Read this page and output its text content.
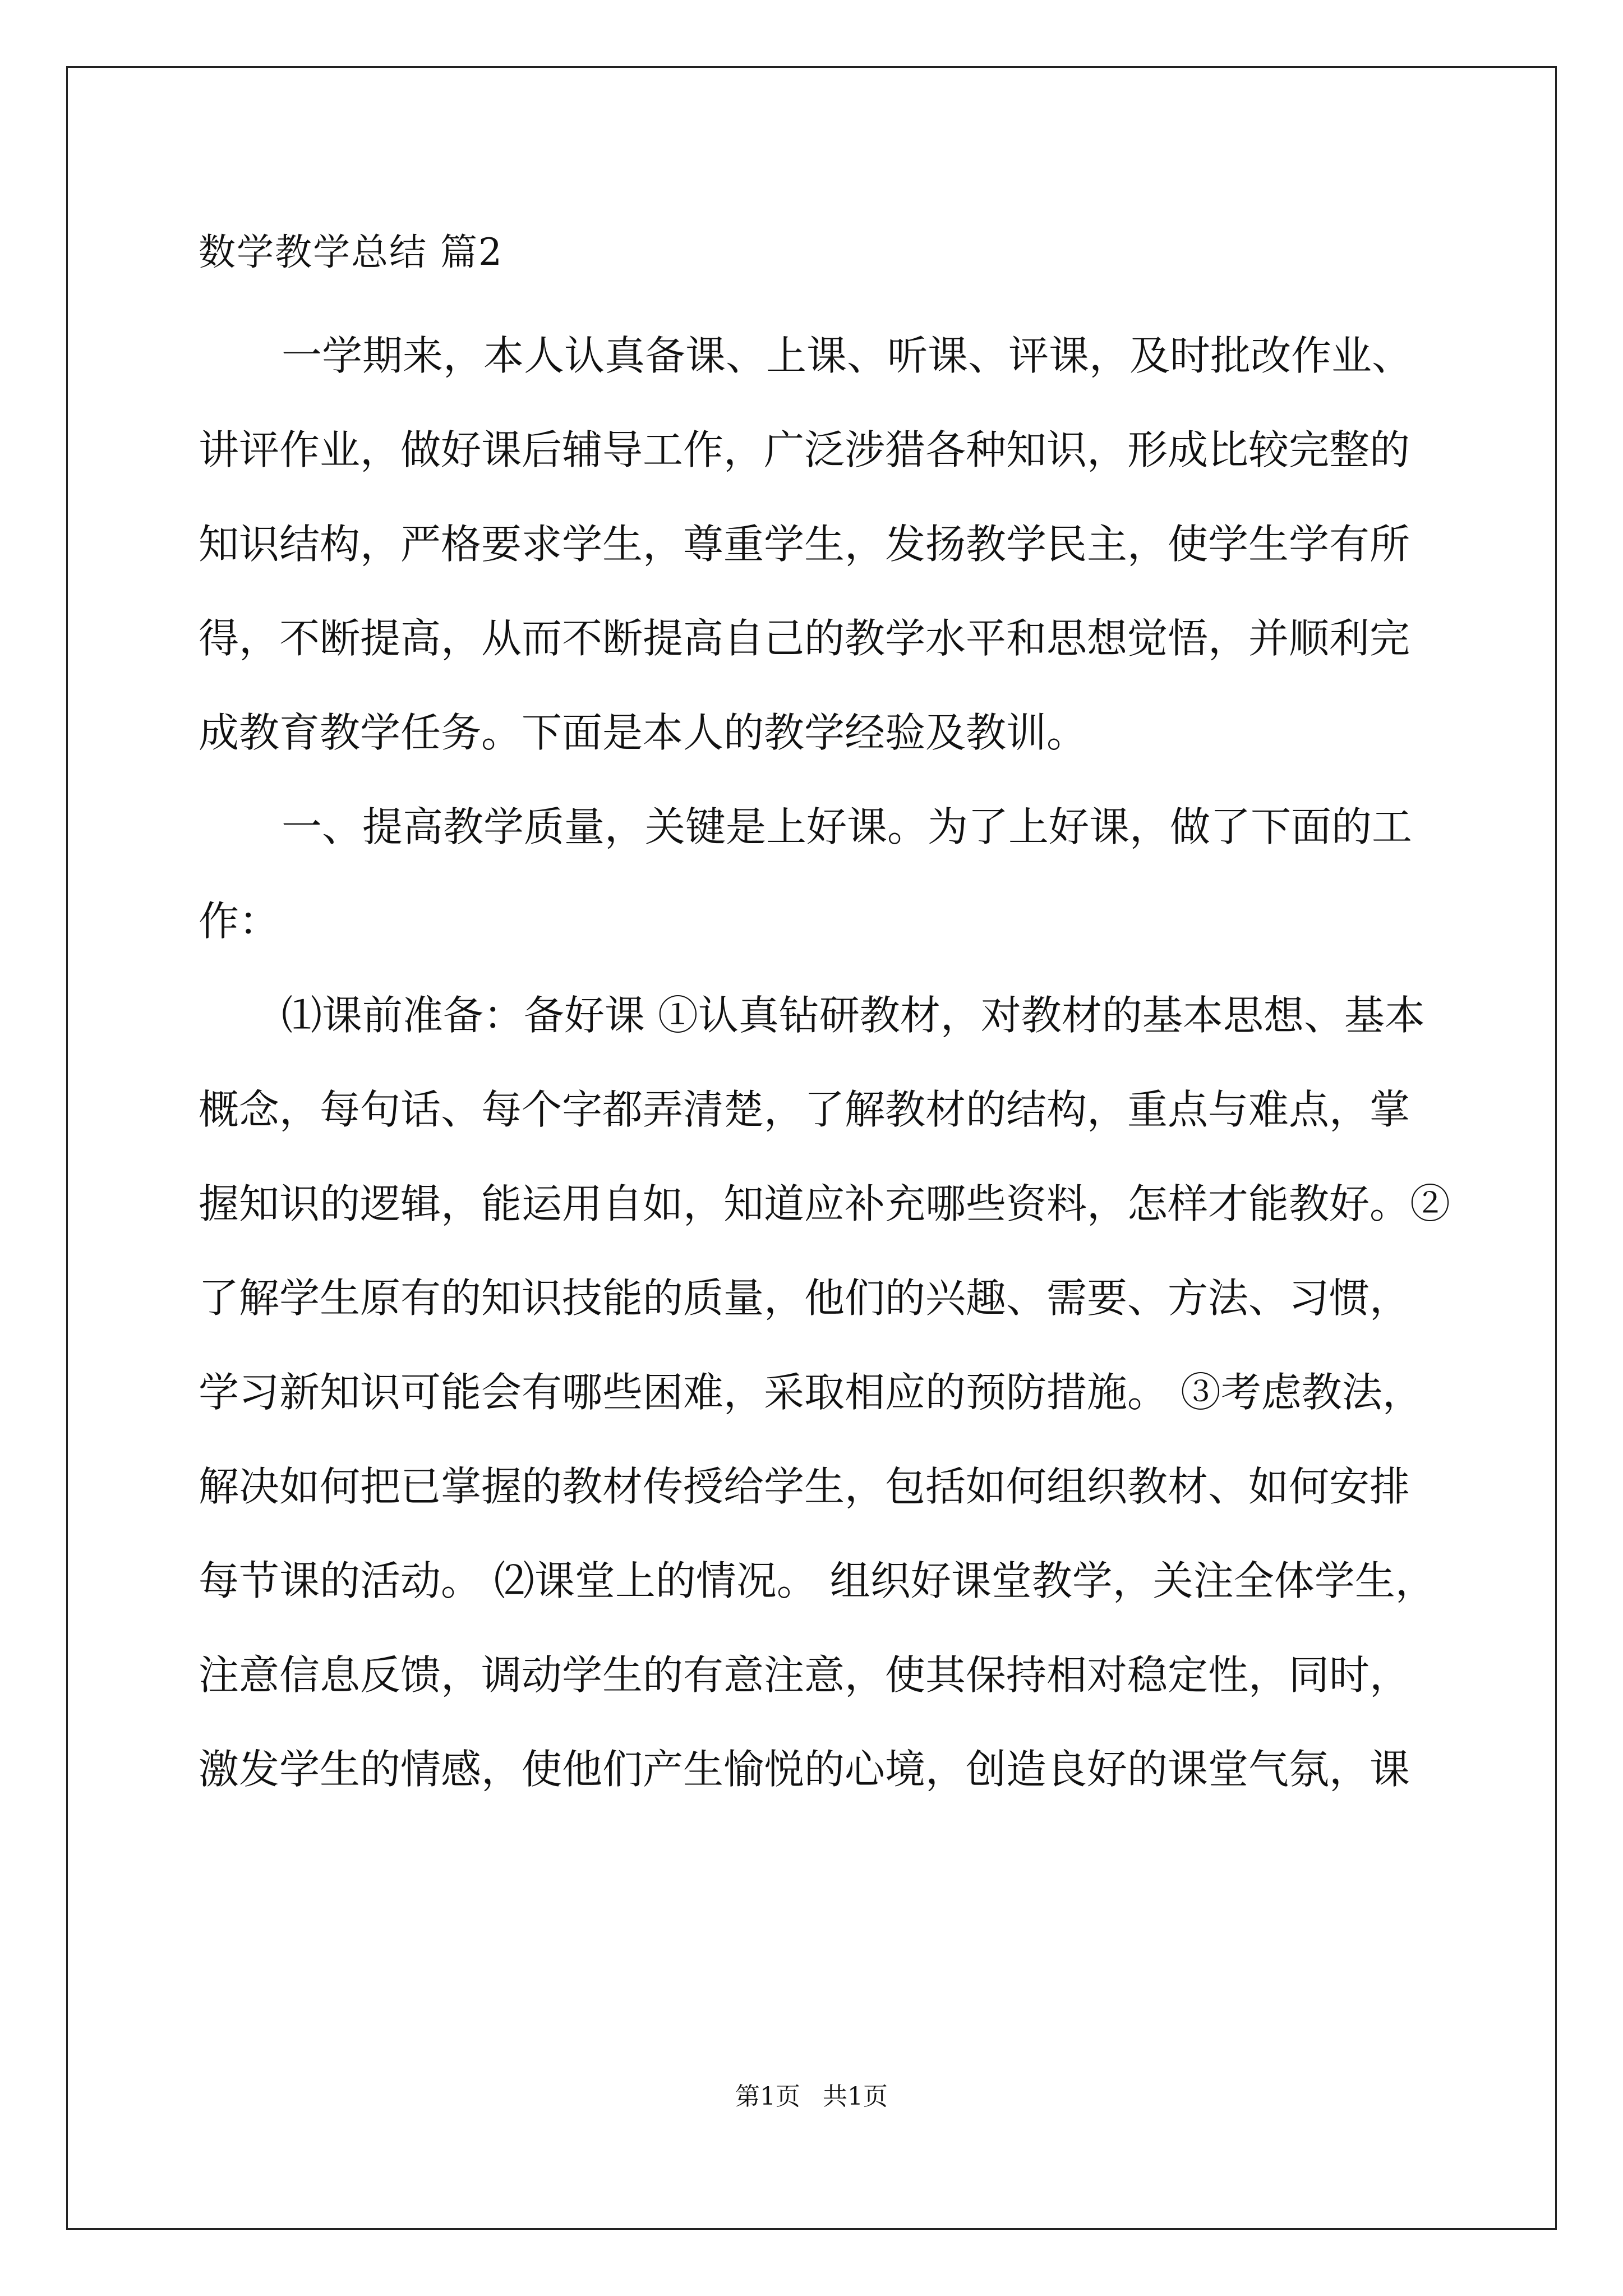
数学教学总结 篇2
一学期来，本人认真备课、上课、听课、评课，及时批改作业、
讲评作业，做好课后辅导工作，广泛涉猎各种知识，形成比较完整的
知识结构，严格要求学生，尊重学生，发扬教学民主，使学生学有所
得，不断提高，从而不断提高自己的教学水平和思想觉悟，并顺利完
成教育教学任务。下面是本人的教学经验及教训。
一、提高教学质量，关键是上好课。为了上好课，做了下面的工
作：
⑴课前准备：备好课 ①认真钻研教材，对教材的基本思想、基本
概念，每句话、每个字都弄清楚，了解教材的结构，重点与难点，掌
握知识的逻辑，能运用自如，知道应补充哪些资料，怎样才能教好。②
了解学生原有的知识技能的质量，他们的兴趣、需要、方法、习惯，
学习新知识可能会有哪些困难，采取相应的预防措施。 ③考虑教法，
解决如何把已掌握的教材传授给学生，包括如何组织教材、如何安排
每节课的活动。 ⑵课堂上的情况。 组织好课堂教学，关注全体学生，
注意信息反馈，调动学生的有意注意，使其保持相对稳定性，同时，
激发学生的情感，使他们产生愉悦的心境，创造良好的课堂气氛，课
第1页 共1页
